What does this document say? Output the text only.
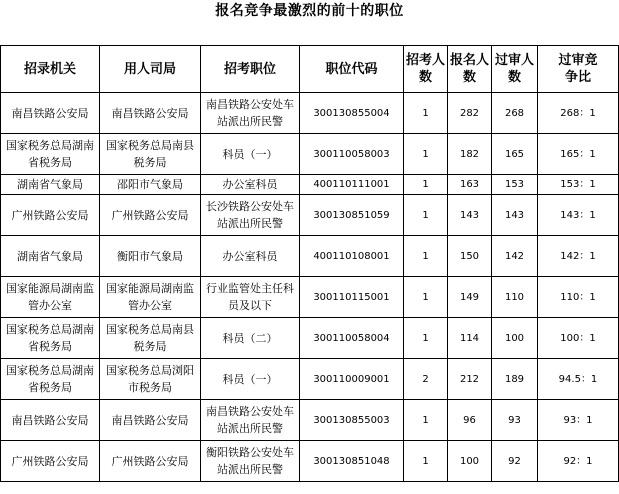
报名竞争最激烈的前十的职位
招录机关	用人司局	招考职位	职位代码	招考人数	报名人数	过审人数	过审竞争比

南昌铁路公安局	南昌铁路公安局	南昌铁路公安处车站派出所民警	300130855004	1	282	268	268：1

国家税务总局湖南省税务局	国家税务总局南县税务局	科员（一）	300110058003	1	182	165	165：1

湖南省气象局	邵阳市气象局	办公室科员	400110111001	1	163	153	153：1

广州铁路公安局	广州铁路公安局	长沙铁路公安处车站派出所民警	300130851059	1	143	143	143：1

湖南省气象局	衡阳市气象局	办公室科员	400110108001	1	150	142	142：1

国家能源局湖南监管办公室	国家能源局湖南监管办公室	行业监管处主任科员及以下	300110115001	1	149	110	110：1

国家税务总局湖南省税务局	国家税务总局南县税务局	科员（二）	300110058004	1	114	100	100：1

国家税务总局湖南省税务局	国家税务总局浏阳市税务局	科员（一）	300110009001	2	212	189	94.5：1

南昌铁路公安局	南昌铁路公安局	南昌铁路公安处车站派出所民警	300130855003	1	96	93	93：1

广州铁路公安局	广州铁路公安局	衡阳铁路公安处车站派出所民警	300130851048	1	100	92	92：1
